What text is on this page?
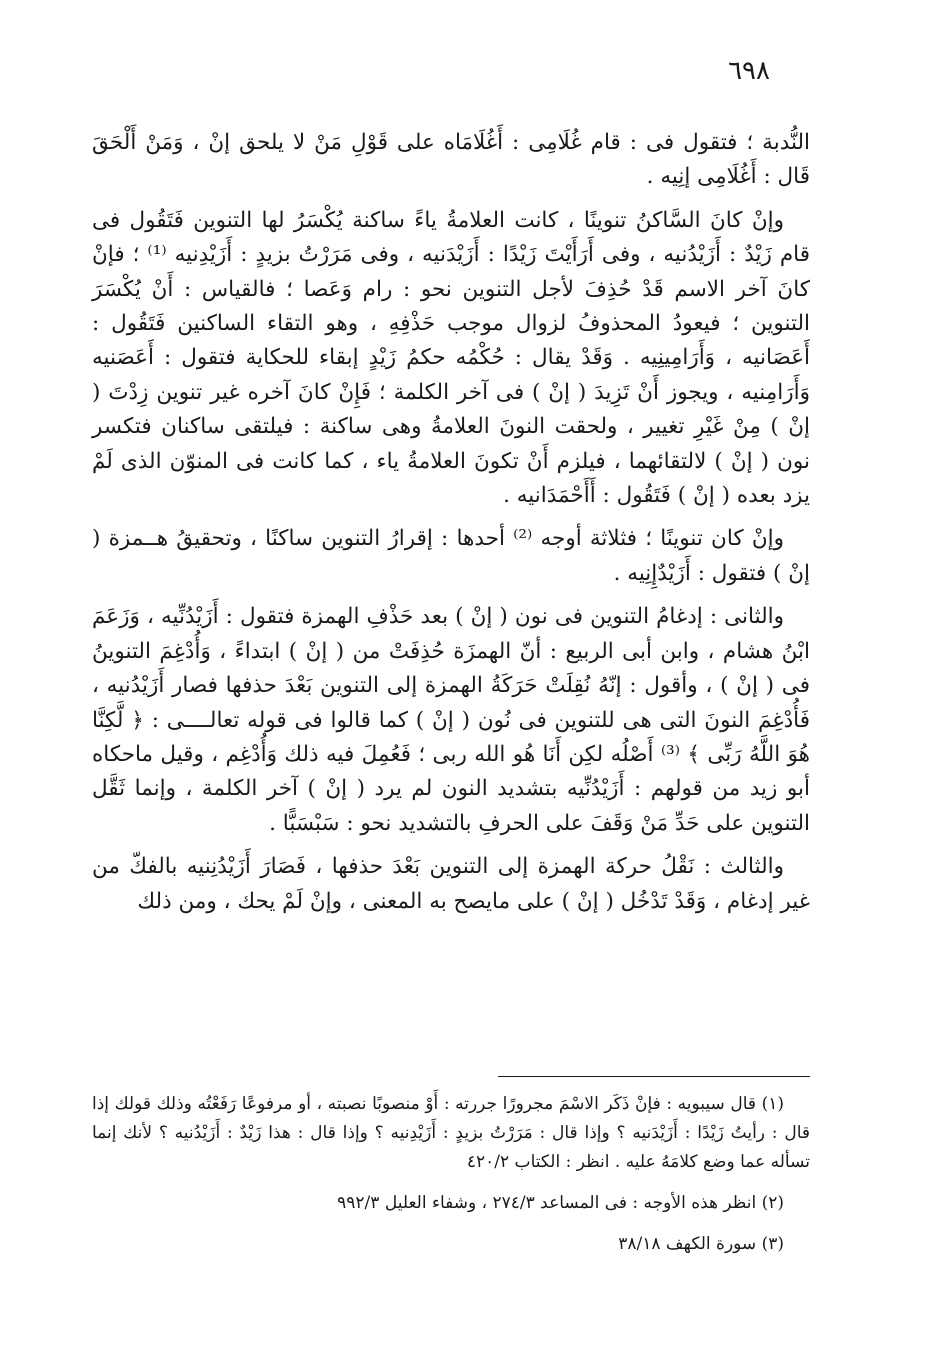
٦٩٨

النُّدبة ؛ فتقول فى : قام غُلَامِى : أَغُلَامَاه على قَوْلِ مَنْ لا يلحق إنْ ، وَمَنْ أَلْحَقَ قَال : أَغُلَامِى إنِيه .

وإنْ كانَ السَّاكنُ تنوينًا ، كانت العلامةُ ياءً ساكنة يُكْسَرُ لها التنوين فَتَقُول فى قام زَيْدٌ : أَزَيْدُنيه ، وفى أَرَأَيْتَ زَيْدًا : أَزَيْدَنيه ، وفى مَرَرْتُ بزيدٍ : أَزَيْدِنيه ⁽¹⁾ ؛ فإنْ كانَ آخر الاسم قَدْ حُذِفَ لأجل التنوين نحو : رام وَعَصا ؛ فالقياس : أَنْ يُكْسَرَ التنوين ؛ فيعودُ المحذوفُ لزوال موجب حَذْفِهِ ، وهو التقاء الساكنين فَتَقُول : أَعَصَانيه ، وَأَرَامِينِيه . وَقَدْ يقال : حُكْمُه حكمُ زَيْدٍ إبقاء للحكاية فتقول : أَعَصَنيه وَأَرَامِنيه ، ويجوز أَنْ تَزِيدَ ( إنْ ) فى آخر الكلمة ؛ فَإِنْ كانَ آخره غير تنوين زِدْتَ ( إنْ ) مِنْ غَيْرِ تغيير ، ولحقت النونَ العلامةُ وهى ساكنة : فيلتقى ساكنان فتكسر نون ( إنْ ) لالتقائهما ، فيلزم أَنْ تكونَ العلامةُ ياء ، كما كانت فى المنوّن الذى لَمْ يزد بعده ( إنْ ) فَتَقُول : أَأَحْمَدَانيه .

وإنْ كان تنوينًا ؛ فثلاثة أوجه ⁽²⁾ أحدها : إقرارُ التنوين ساكنًا ، وتحقيقُ هــمزة ( إنْ ) فتقول : أَزَيْدٌإِنِيه .

والثانى : إدغامُ التنوين فى نون ( إنْ ) بعد حَذْفِ الهمزة فتقول : أَزَيْدُنِّيه ، وَزَعَمَ ابْنُ هشام ، وابن أبى الربيع : أنّ الهمزَة حُذِفَتْ من ( إنْ ) ابتداءً ، وَأُدْغِمَ التنوينُ فى ( إنْ ) ، وأقول : إنّهُ نُقِلَتْ حَرَكَةُ الهمزة إلى التنوين بَعْدَ حذفها فصار أَزَيْدُنيه ، فَأُدْغِمَ النونَ التى هى للتنوين فى نُون ( إنْ ) كما قالوا فى قوله تعالــــى : ﴿ لَّكِنَّا هُوَ اللَّهُ رَبِّى ﴾ ⁽³⁾ أَصْلُه لكِن أَنَا هُو الله ربى ؛ فَعُمِلَ فيه ذلك وَأُدْغِم ، وقيل ماحكاه أبو زيد من قولهم : أَزَيْدُنِّيه بتشديد النون لم يرد ( إنْ ) آخر الكلمة ، وإنما ثَقَّل التنوين على حَدِّ مَنْ وَقَفَ على الحرفِ بالتشديد نحو : سَبْسَبًّا .

والثالث : نَقْلُ حركة الهمزة إلى التنوين بَعْدَ حذفها ، فَصَارَ أَزَيْدُنِنيه بالفكّ من غير إدغام ، وَقَدْ تَدْخُل ( إنْ ) على مايصح به المعنى ، وإنْ لَمْ يحك ، ومن ذلك

(١) قال سيبويه : فإنْ ذَكَر الاسْمَ مجرورًا جررته : أَوْ منصوبًا نصبته ، أو مرفوعًا رَفَعْتُه وذلك قولك إذا قال : رأيتُ زَيْدًا : أَزَيْدَنيه ؟ وإذا قال : مَرَرْتُ بزيدٍ : أَزَيْدِنيه ؟ وإذا قال : هذا زَيْدٌ : أَزَيْدُنيه ؟ لأنك إنما تسأله عما وضع كلامَهُ عليه . انظر : الكتاب ٤٢٠/٢

(٢) انظر هذه الأوجه : فى المساعد ٢٧٤/٣ ، وشفاء العليل ٩٩٢/٣

(٣) سورة الكهف ٣٨/١٨
